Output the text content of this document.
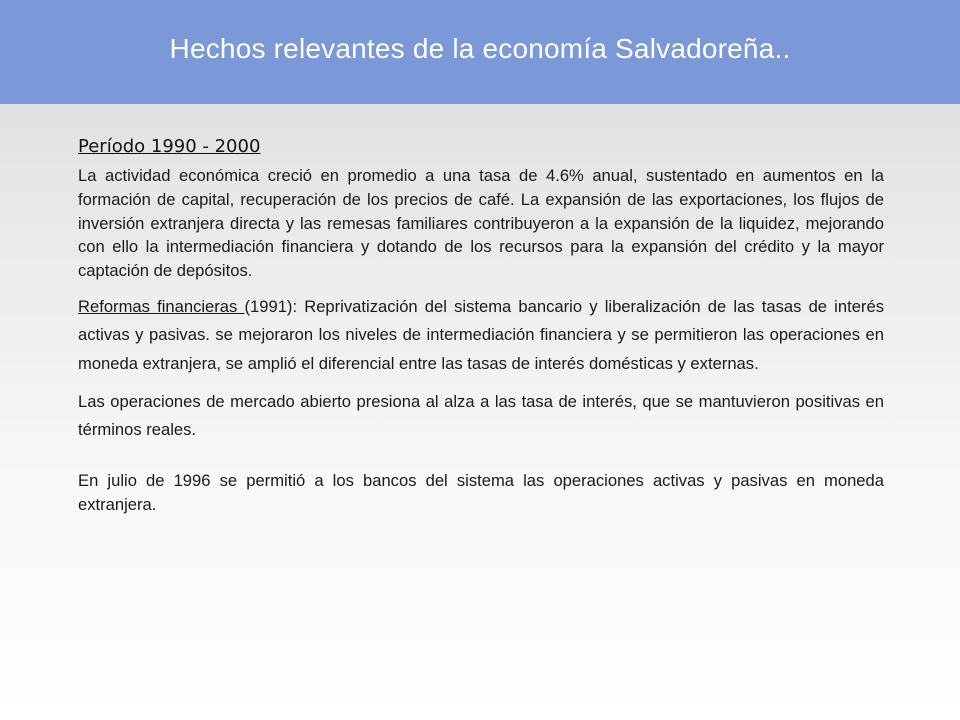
Hechos relevantes de la economía Salvadoreña..
Período 1990 - 2000

La actividad económica creció en promedio a una tasa de 4.6% anual, sustentado en aumentos en la formación de capital, recuperación de los precios de café. La expansión de las exportaciones, los flujos de inversión extranjera directa y las remesas familiares contribuyeron a la expansión de la liquidez, mejorando con ello la intermediación financiera y dotando de los recursos para la expansión del crédito y la mayor captación de depósitos.

Reformas financieras (1991): Reprivatización del sistema bancario y liberalización de las tasas de interés activas y pasivas. se mejoraron los niveles de intermediación financiera y se permitieron las operaciones en moneda extranjera, se amplió el diferencial entre las tasas de interés domésticas y externas.

Las operaciones de mercado abierto presiona al alza a las tasa de interés, que se mantuvieron positivas en términos reales.

En julio de 1996 se permitió a los bancos del sistema las operaciones activas y pasivas en moneda extranjera.
